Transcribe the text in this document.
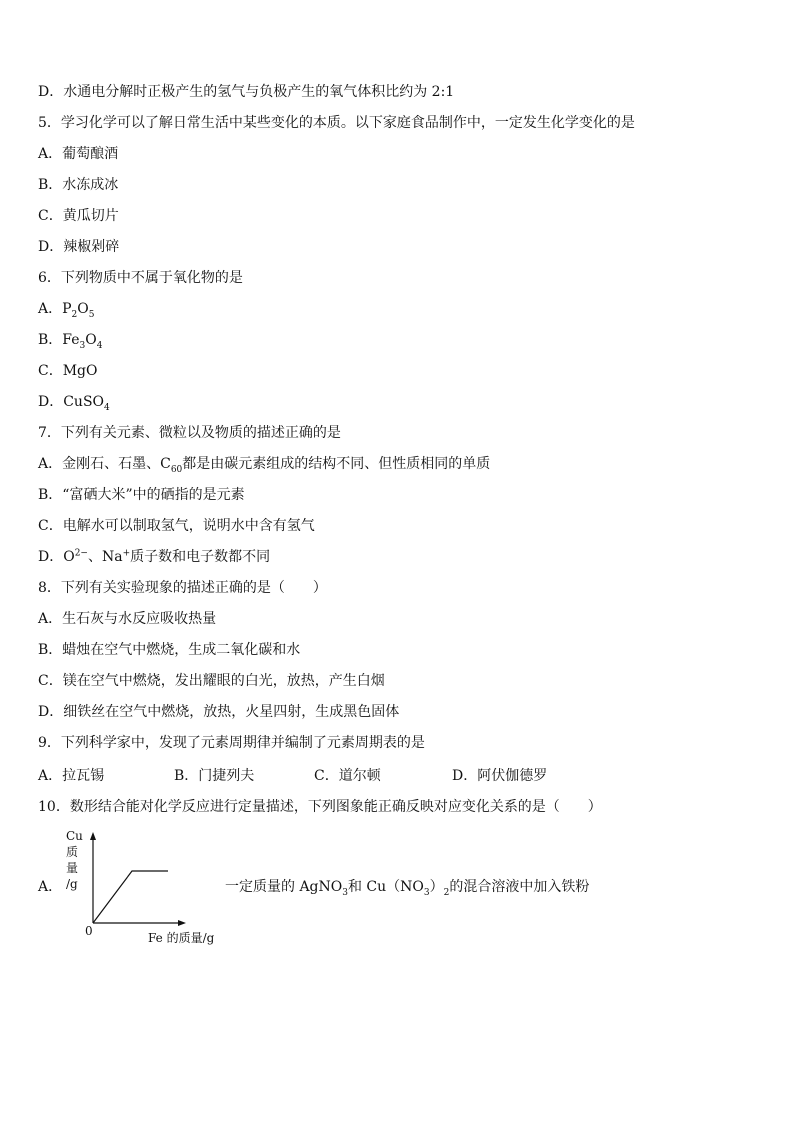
D．水通电分解时正极产生的氢气与负极产生的氧气体积比约为 2:1
5．学习化学可以了解日常生活中某些变化的本质。以下家庭食品制作中，一定发生化学变化的是
A．葡萄酿酒
B．水冻成冰
C．黄瓜切片
D．辣椒剁碎
6．下列物质中不属于氧化物的是
A．$P_2O_5$
B．$Fe_3O_4$
C．MgO
D．CuSO$_4$
7．下列有关元素、微粒以及物质的描述正确的是
A．金刚石、石墨、$C_{60}$都是由碳元素组成的结构不同、但性质相同的单质
B．“富硒大米”中的硒指的是元素
C．电解水可以制取氢气，说明水中含有氢气
D．$O^{2-}$、Na+质子数和电子数都不同
8．下列有关实验现象的描述正确的是（　　）
A．生石灰与水反应吸收热量
B．蜡烛在空气中燃烧，生成二氧化碳和水
C．镁在空气中燃烧，发出耀眼的白光，放热，产生白烟
D．细铁丝在空气中燃烧，放热，火星四射，生成黑色固体
9．下列科学家中，发现了元素周期律并编制了元素周期表的是
A．拉瓦锡	B．门捷列夫	C．道尔顿	D．阿伏伽德罗
10．数形结合能对化学反应进行定量描述，下列图象能正确反映对应变化关系的是（　　）
A．
Cu
质
量
/g
0	Fe 的质量/g
一定质量的 AgNO$_3$和 $Cu(NO_3)_2$的混合溶液中加入铁粉
